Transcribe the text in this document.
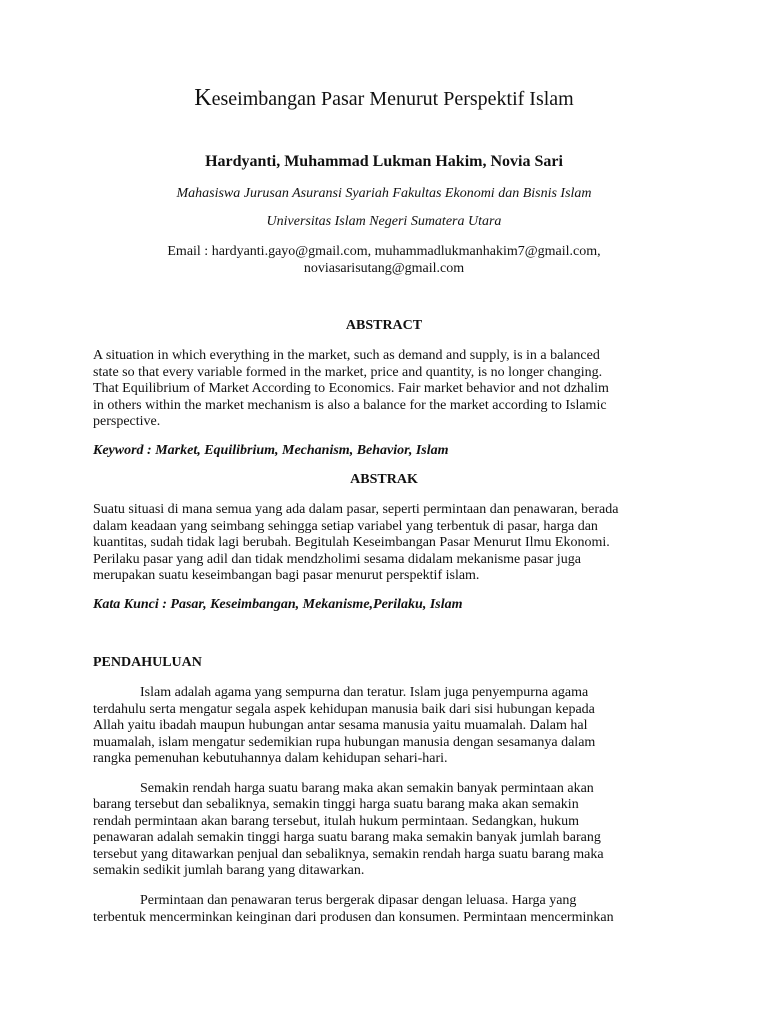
Keseimbangan Pasar Menurut Perspektif Islam
Hardyanti, Muhammad Lukman Hakim, Novia Sari
Mahasiswa Jurusan Asuransi Syariah Fakultas Ekonomi dan Bisnis Islam
Universitas Islam Negeri Sumatera Utara
Email : hardyanti.gayo@gmail.com, muhammadlukmanhakim7@gmail.com,
noviasarisutang@gmail.com
ABSTRACT
A situation in which everything in the market, such as demand and supply, is in a balanced
state so that every variable formed in the market, price and quantity, is no longer changing.
That Equilibrium of Market According to Economics. Fair market behavior and not dzhalim
in others within the market mechanism is also a balance for the market according to Islamic
perspective.
Keyword : Market, Equilibrium, Mechanism, Behavior, Islam
ABSTRAK
Suatu situasi di mana semua yang ada dalam pasar, seperti permintaan dan penawaran, berada
dalam keadaan yang seimbang sehingga setiap variabel yang terbentuk di pasar, harga dan
kuantitas, sudah tidak lagi berubah. Begitulah Keseimbangan Pasar Menurut Ilmu Ekonomi.
Perilaku pasar yang adil dan tidak mendzholimi sesama didalam mekanisme pasar juga
merupakan suatu keseimbangan bagi pasar menurut perspektif islam.
Kata Kunci : Pasar, Keseimbangan, Mekanisme,Perilaku, Islam
PENDAHULUAN
Islam adalah agama yang sempurna dan teratur. Islam juga penyempurna agama
terdahulu serta mengatur segala aspek kehidupan manusia baik dari sisi hubungan kepada
Allah yaitu ibadah maupun hubungan antar sesama manusia yaitu muamalah. Dalam hal
muamalah, islam mengatur sedemikian rupa hubungan manusia dengan sesamanya dalam
rangka pemenuhan kebutuhannya dalam kehidupan sehari-hari.
Semakin rendah harga suatu barang maka akan semakin banyak permintaan akan
barang tersebut dan sebaliknya, semakin tinggi harga suatu barang maka akan semakin
rendah permintaan akan barang tersebut, itulah hukum permintaan. Sedangkan, hukum
penawaran adalah semakin tinggi harga suatu barang maka semakin banyak jumlah barang
tersebut yang ditawarkan penjual dan sebaliknya, semakin rendah harga suatu barang maka
semakin sedikit jumlah barang yang ditawarkan.
Permintaan dan penawaran terus bergerak dipasar dengan leluasa. Harga yang
terbentuk mencerminkan keinginan dari produsen dan konsumen. Permintaan mencerminkan
